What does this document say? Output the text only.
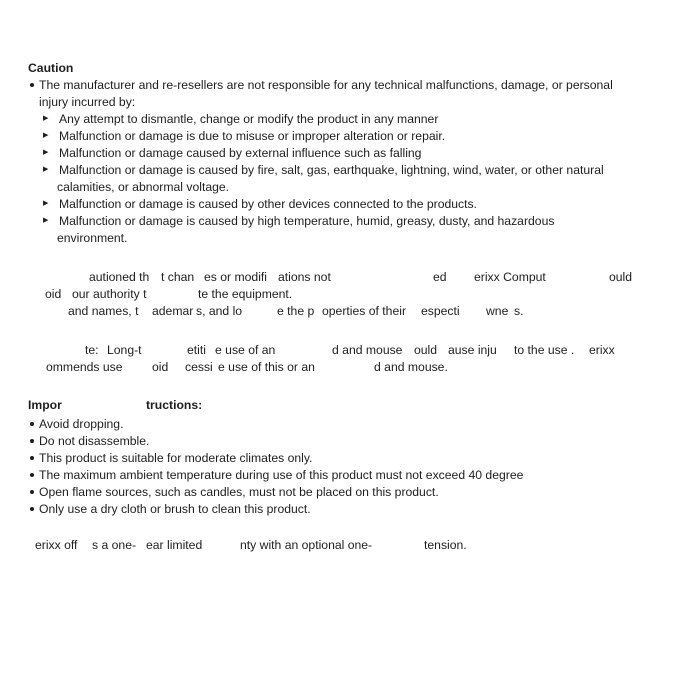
Caution
The manufacturer and re-resellers are not responsible for any technical malfunctions, damage, or personal
injury incurred by:
▶ Any attempt to dismantle, change or modify the product in any manner
▶ Malfunction or damage is due to misuse or improper alteration or repair.
▶ Malfunction or damage caused by external influence such as falling
▶ Malfunction or damage is caused by fire, salt, gas, earthquake, lightning, wind, water, or other natural
calamities, or abnormal voltage.
▶ Malfunction or damage is caused by other devices connected to the products.
▶ Malfunction or damage is caused by high temperature, humid, greasy, dusty, and hazardous
environment.
autioned th t chan es or modifi ations not	ed erixx Comput	ould
oid our authority t	te the equipment.
and names, t ademar s, and lo	e the p operties of their especti wne s.
te: Long-t	etiti e use of an	d and mouse ould ause inju to the use . erixx
ommends use oid cessi e use of this or an	d and mouse.
Impor	tructions:
Avoid dropping.
Do not disassemble.
This product is suitable for moderate climates only.
The maximum ambient temperature during use of this product must not exceed 40 degree
Open flame sources, such as candles, must not be placed on this product.
Only use a dry cloth or brush to clean this product.
erixx off s a one- ear limited	nty with an optional one-	tension.
